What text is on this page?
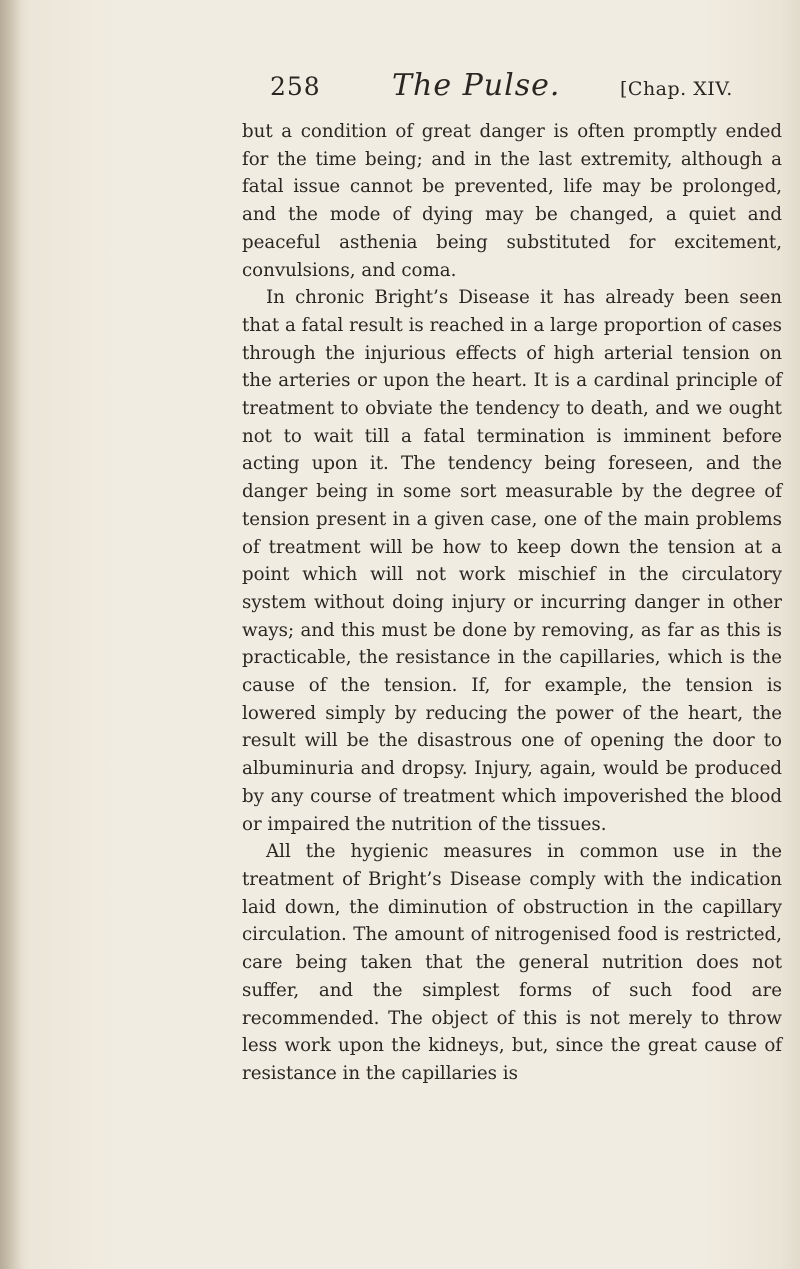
258 The Pulse.	[Chap. XIV.

but a condition of great danger is often promptly ended for the time being; and in the last extremity, although a fatal issue cannot be prevented, life may be prolonged, and the mode of dying may be changed, a quiet and peaceful asthenia being substituted for excitement, convulsions, and coma.

In chronic Bright’s Disease it has already been seen that a fatal result is reached in a large proportion of cases through the injurious effects of high arterial tension on the arteries or upon the heart. It is a cardinal principle of treatment to obviate the tendency to death, and we ought not to wait till a fatal termination is imminent before acting upon it. The tendency being foreseen, and the danger being in some sort measurable by the degree of tension present in a given case, one of the main problems of treatment will be how to keep down the tension at a point which will not work mischief in the circulatory system without doing injury or incurring danger in other ways; and this must be done by removing, as far as this is practicable, the resistance in the capillaries, which is the cause of the tension. If, for example, the tension is lowered simply by reducing the power of the heart, the result will be the disastrous one of opening the door to albuminuria and dropsy. Injury, again, would be produced by any course of treatment which impoverished the blood or impaired the nutrition of the tissues.

All the hygienic measures in common use in the treatment of Bright’s Disease comply with the indication laid down, the diminution of obstruction in the capillary circulation. The amount of nitrogenised food is restricted, care being taken that the general nutrition does not suffer, and the simplest forms of such food are recommended. The object of this is not merely to throw less work upon the kidneys, but, since the great cause of resistance in the capillaries is
